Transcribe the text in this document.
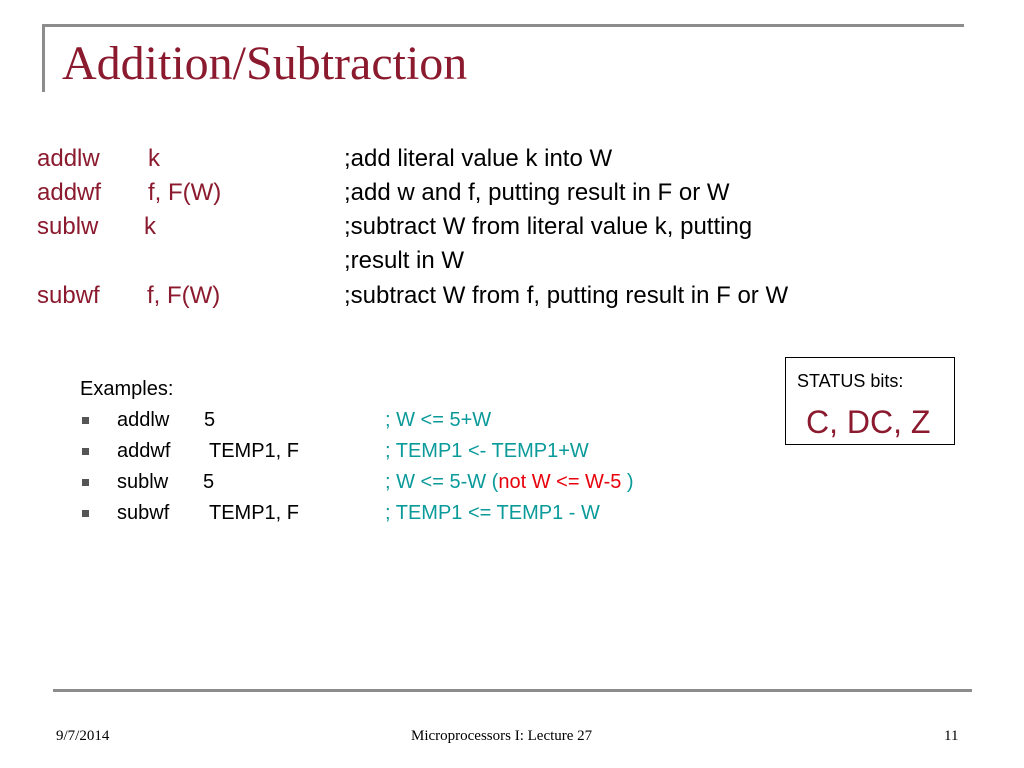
Addition/Subtraction
addlw k	;add literal value k into W
addwf f, F(W)	;add w and f, putting result in F or W
sublw k	;subtract W from literal value k, putting
;result in W
subwf f, F(W)	;subtract W from f, putting result in F or W
Examples:
addlw 5	; W <= 5+W
addwf TEMP1, F	; TEMP1 <- TEMP1+W
sublw 5	; W <= 5-W (not W <= W-5 )
subwf TEMP1, F	; TEMP1 <= TEMP1 - W
STATUS bits:
C, DC, Z
9/7/2014	Microprocessors I: Lecture 27	11
